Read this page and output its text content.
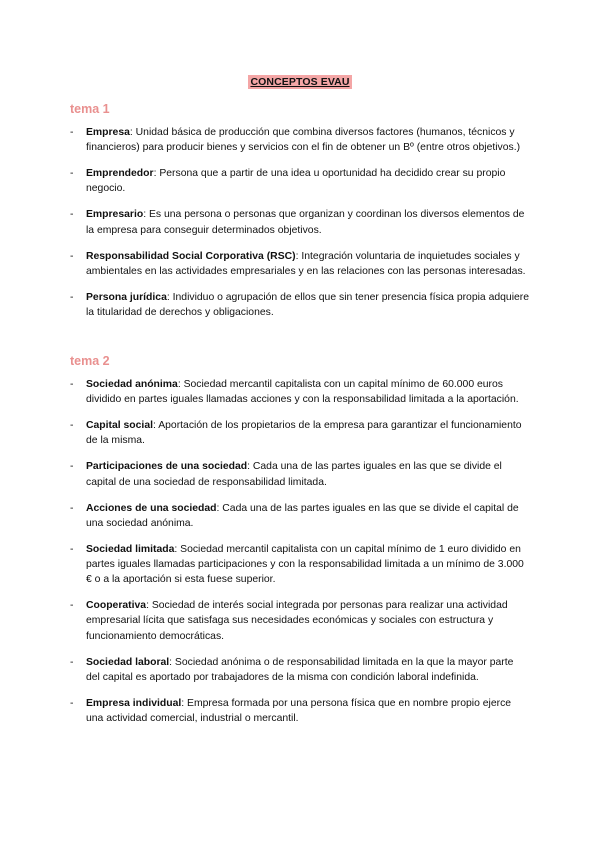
CONCEPTOS EVAU
tema 1
- Empresa: Unidad básica de producción que combina diversos factores (humanos, técnicos y financieros) para producir bienes y servicios con el fin de obtener un Bº (entre otros objetivos.)
- Emprendedor: Persona que a partir de una idea u oportunidad ha decidido crear su propio negocio.
- Empresario: Es una persona o personas que organizan y coordinan los diversos elementos de la empresa para conseguir determinados objetivos.
- Responsabilidad Social Corporativa (RSC): Integración voluntaria de inquietudes sociales y ambientales en las actividades empresariales y en las relaciones con las personas interesadas.
- Persona jurídica: Individuo o agrupación de ellos que sin tener presencia física propia adquiere la titularidad de derechos y obligaciones.
tema 2
- Sociedad anónima: Sociedad mercantil capitalista con un capital mínimo de 60.000 euros dividido en partes iguales llamadas acciones y con la responsabilidad limitada a la aportación.
- Capital social: Aportación de los propietarios de la empresa para garantizar el funcionamiento de la misma.
- Participaciones de una sociedad: Cada una de las partes iguales en las que se divide el capital de una sociedad de responsabilidad limitada.
- Acciones de una sociedad: Cada una de las partes iguales en las que se divide el capital de una sociedad anónima.
- Sociedad limitada: Sociedad mercantil capitalista con un capital mínimo de 1 euro dividido en partes iguales llamadas participaciones y con la responsabilidad limitada a un mínimo de 3.000 € o a la aportación si esta fuese superior.
- Cooperativa: Sociedad de interés social integrada por personas para realizar una actividad empresarial lícita que satisfaga sus necesidades económicas y sociales con estructura y funcionamiento democráticas.
- Sociedad laboral: Sociedad anónima o de responsabilidad limitada en la que la mayor parte del capital es aportado por trabajadores de la misma con condición laboral indefinida.
- Empresa individual: Empresa formada por una persona física que en nombre propio ejerce una actividad comercial, industrial o mercantil.
